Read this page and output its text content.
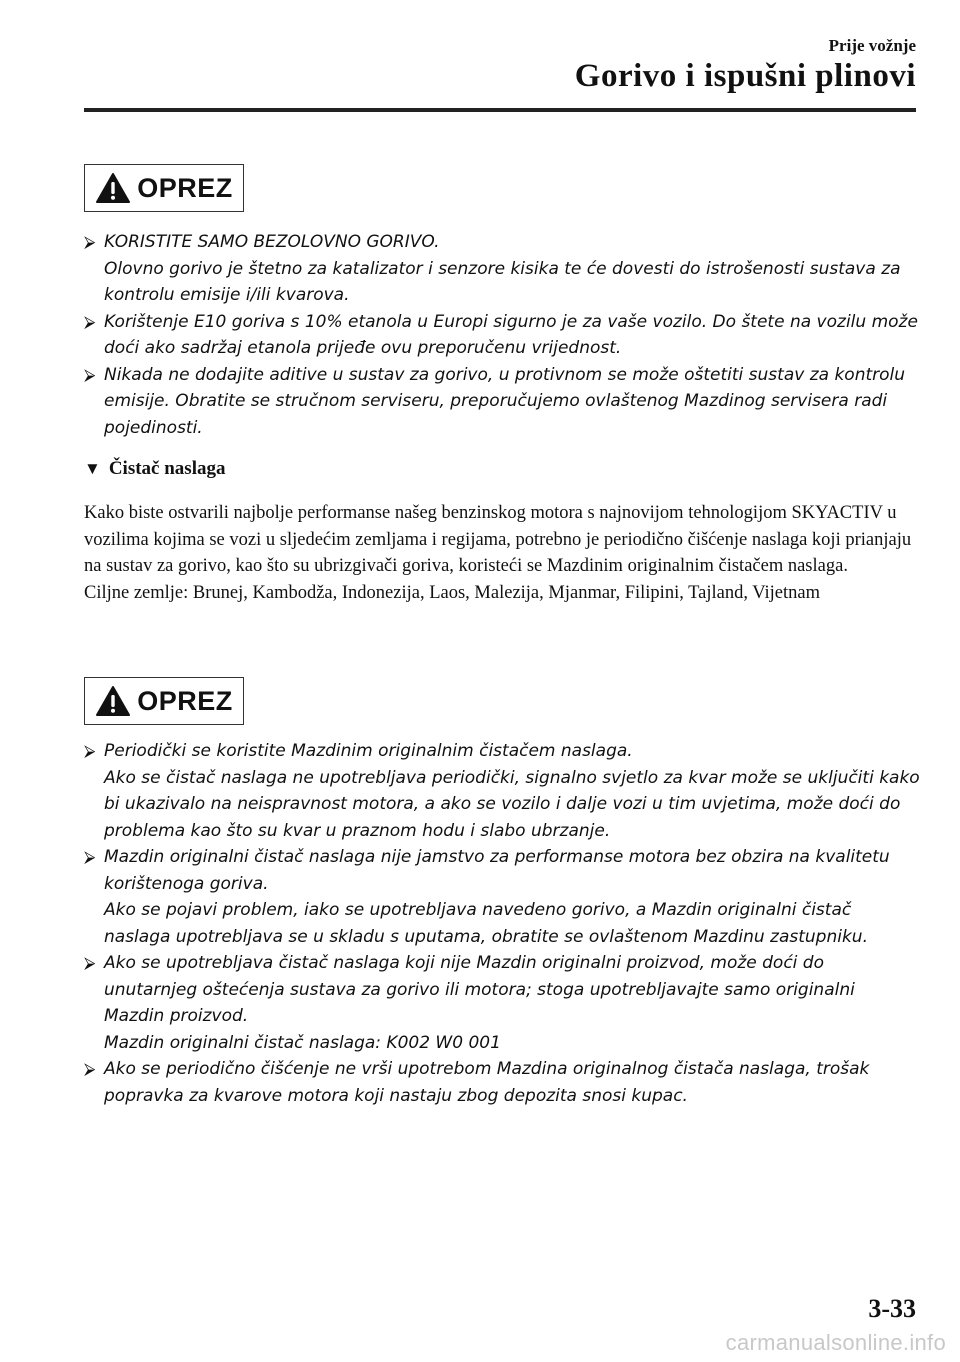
Prije vožnje
Gorivo i ispušni plinovi
OPREZ
⮚ KORISTITE SAMO BEZOLOVNO GORIVO.
Olovno gorivo je štetno za katalizator i senzore kisika te će dovesti do istrošenosti sustava za kontrolu emisije i/ili kvarova.
⮚ Korištenje E10 goriva s 10% etanola u Europi sigurno je za vaše vozilo. Do štete na vozilu može doći ako sadržaj etanola prijeđe ovu preporučenu vrijednost.
⮚ Nikada ne dodajite aditive u sustav za gorivo, u protivnom se može oštetiti sustav za kontrolu emisije. Obratite se stručnom serviseru, preporučujemo ovlaštenog Mazdinog servisera radi pojedinosti.
▼ Čistač naslaga
Kako biste ostvarili najbolje performanse našeg benzinskog motora s najnovijom tehnologijom SKYACTIV u vozilima kojima se vozi u sljedećim zemljama i regijama, potrebno je periodično čišćenje naslaga koji prianjaju na sustav za gorivo, kao što su ubrizgivači goriva, koristeći se Mazdinim originalnim čistačem naslaga.
Ciljne zemlje: Brunej, Kambodža, Indonezija, Laos, Malezija, Mjanmar, Filipini, Tajland, Vijetnam
OPREZ
⮚ Periodički se koristite Mazdinim originalnim čistačem naslaga.
Ako se čistač naslaga ne upotrebljava periodički, signalno svjetlo za kvar može se uključiti kako bi ukazivalo na neispravnost motora, a ako se vozilo i dalje vozi u tim uvjetima, može doći do problema kao što su kvar u praznom hodu i slabo ubrzanje.
⮚ Mazdin originalni čistač naslaga nije jamstvo za performanse motora bez obzira na kvalitetu korištenoga goriva.
Ako se pojavi problem, iako se upotrebljava navedeno gorivo, a Mazdin originalni čistač naslaga upotrebljava se u skladu s uputama, obratite se ovlaštenom Mazdinu zastupniku.
⮚ Ako se upotrebljava čistač naslaga koji nije Mazdin originalni proizvod, može doći do unutarnjeg oštećenja sustava za gorivo ili motora; stoga upotrebljavajte samo originalni Mazdin proizvod.
Mazdin originalni čistač naslaga: K002 W0 001
⮚ Ako se periodično čišćenje ne vrši upotrebom Mazdina originalnog čistača naslaga, trošak popravka za kvarove motora koji nastaju zbog depozita snosi kupac.
3-33
carmanualsonline.info
